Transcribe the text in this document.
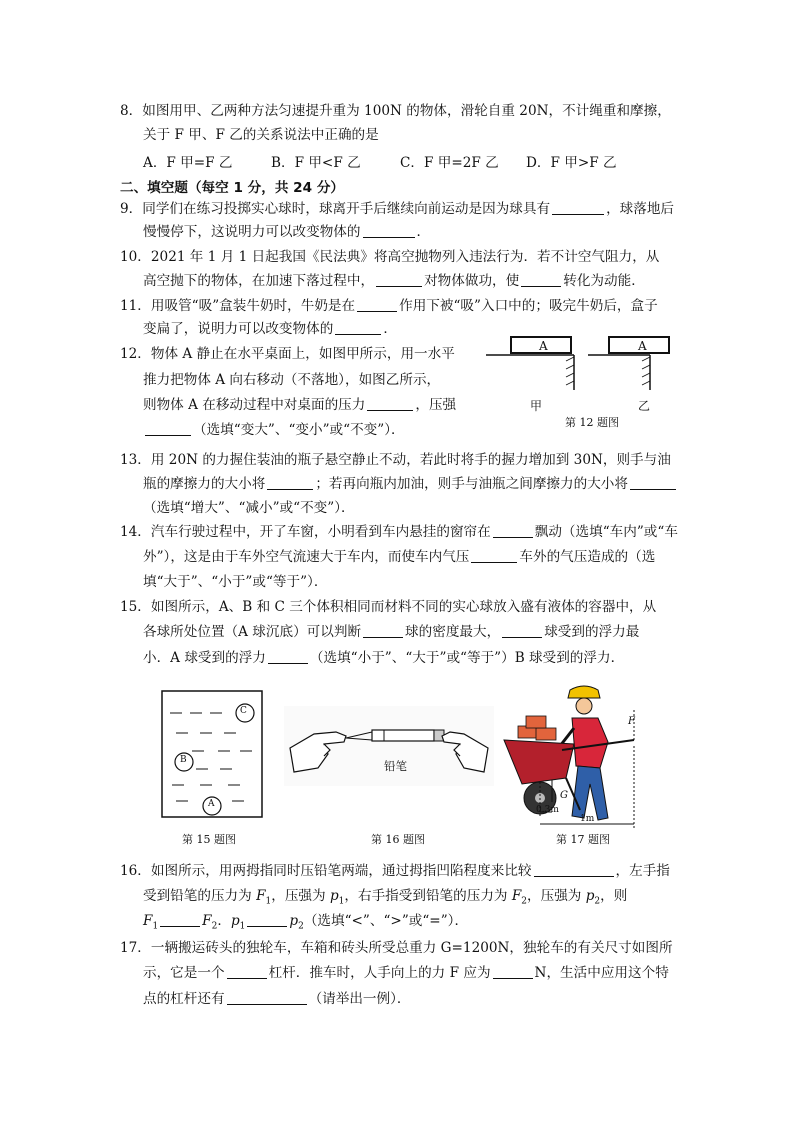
8．如图用甲、乙两种方法匀速提升重为 100N 的物体，滑轮自重 20N，不计绳重和摩擦，
关于 F 甲、F 乙的关系说法中正确的是
A．F 甲=F 乙	B．F 甲<F 乙	C．F 甲=2F 乙 D．F 甲>F 乙
二、填空题（每空 1 分，共 24 分）
9．同学们在练习投掷实心球时，球离开手后继续向前运动是因为球具有	，球落地后
慢慢停下，这说明力可以改变物体的	．
10．2021 年 1 月 1 日起我国《民法典》将高空抛物列入违法行为．若不计空气阻力，从
高空抛下的物体，在加速下落过程中，	对物体做功，使	转化为动能．
11．用吸管“吸”盒装牛奶时，牛奶是在	作用下被“吸”入口中的；吸完牛奶后，盒子
变扁了，说明力可以改变物体的	．
12．物体 A 静止在水平桌面上，如图甲所示，用一水平
推力把物体 A 向右移动（不落地），如图乙所示，
则物体 A 在移动过程中对桌面的压力	，压强
（选填“变大”、“变小”或“不变”）．
A	A
甲	乙
第 12 题图
13．用 20N 的力握住装油的瓶子悬空静止不动，若此时将手的握力增加到 30N，则手与油
瓶的摩擦力的大小将	；若再向瓶内加油，则手与油瓶之间摩擦力的大小将
（选填“增大”、“减小”或“不变”）．
14．汽车行驶过程中，开了车窗，小明看到车内悬挂的窗帘在	飘动（选填“车内”或“车
外”），这是由于车外空气流速大于车内，而使车内气压	车外的气压造成的（选
填“大于”、“小于”或“等于”）．
15．如图所示，A、B 和 C 三个体积相同而材料不同的实心球放入盛有液体的容器中，从
各球所处位置（A 球沉底）可以判断	球的密度最大，	球受到的浮力最
小．A 球受到的浮力	（选填“小于”、“大于”或“等于”）B 球受到的浮力．
C
B
A
第 15 题图
铅笔
第 16 题图
F
G
0.3m
1m
第 17 题图
16．如图所示，用两拇指同时压铅笔两端，通过拇指凹陷程度来比较	，左手指
受到铅笔的压力为 $F_1$，压强为 $p_1$，右手指受到铅笔的压力为 $F_2$，压强为 $p_2$，则
$F_1$	$F_2$．$p_1$	$p_2$（选填“<”、“>”或“=”）．
17．一辆搬运砖头的独轮车，车箱和砖头所受总重力 G=1200N，独轮车的有关尺寸如图所
示，它是一个	杠杆．推车时，人手向上的力 F 应为	N，生活中应用这个特
点的杠杆还有	（请举出一例）．
